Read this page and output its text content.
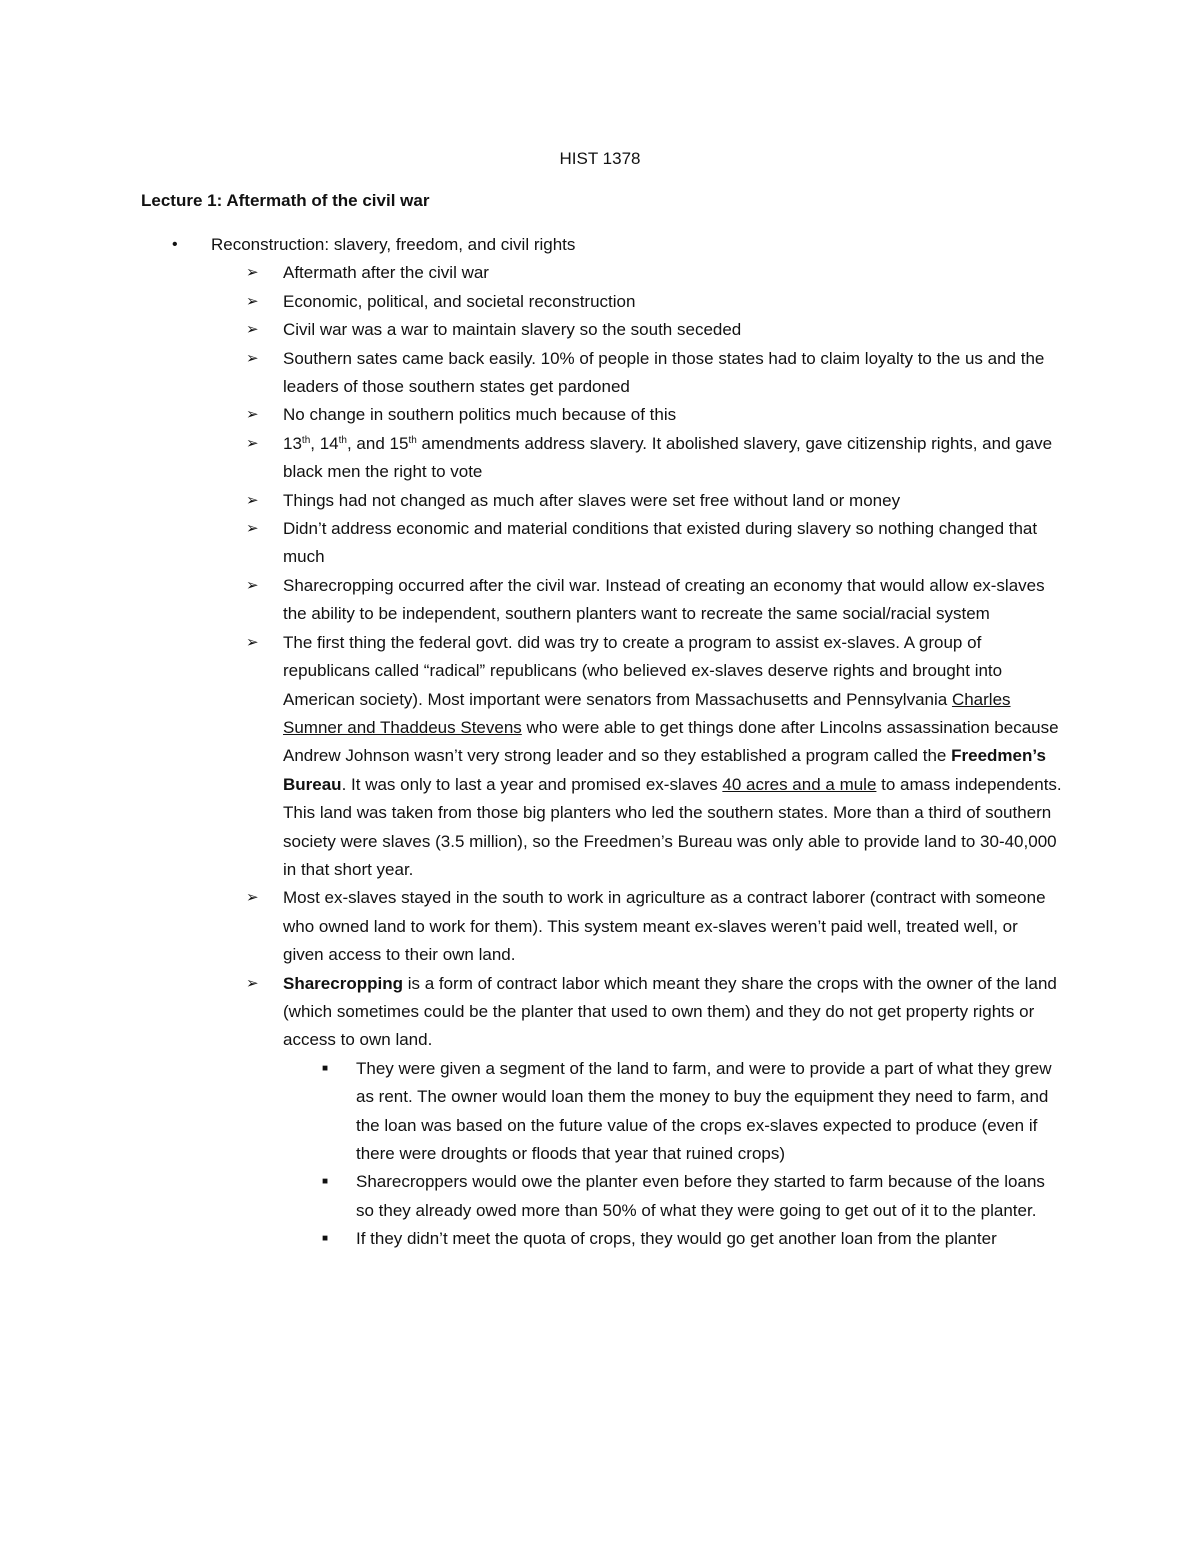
HIST 1378
Lecture 1: Aftermath of the civil war
• Reconstruction: slavery, freedom, and civil rights
➢ Aftermath after the civil war
➢ Economic, political, and societal reconstruction
➢ Civil war was a war to maintain slavery so the south seceded
➢ Southern sates came back easily. 10% of people in those states had to claim loyalty to the us and the leaders of those southern states get pardoned
➢ No change in southern politics much because of this
➢ 13th, 14th, and 15th amendments address slavery. It abolished slavery, gave citizenship rights, and gave black men the right to vote
➢ Things had not changed as much after slaves were set free without land or money
➢ Didn’t address economic and material conditions that existed during slavery so nothing changed that much
➢ Sharecropping occurred after the civil war. Instead of creating an economy that would allow ex-slaves the ability to be independent, southern planters want to recreate the same social/racial system
➢ The first thing the federal govt. did was try to create a program to assist ex-slaves. A group of republicans called “radical” republicans (who believed ex-slaves deserve rights and brought into American society). Most important were senators from Massachusetts and Pennsylvania Charles Sumner and Thaddeus Stevens who were able to get things done after Lincolns assassination because Andrew Johnson wasn’t very strong leader and so they established a program called the Freedmen’s Bureau. It was only to last a year and promised ex-slaves 40 acres and a mule to amass independents. This land was taken from those big planters who led the southern states. More than a third of southern society were slaves (3.5 million), so the Freedmen’s Bureau was only able to provide land to 30-40,000 in that short year.
➢ Most ex-slaves stayed in the south to work in agriculture as a contract laborer (contract with someone who owned land to work for them). This system meant ex-slaves weren’t paid well, treated well, or given access to their own land.
➢ Sharecropping is a form of contract labor which meant they share the crops with the owner of the land (which sometimes could be the planter that used to own them) and they do not get property rights or access to own land.
■ They were given a segment of the land to farm, and were to provide a part of what they grew as rent. The owner would loan them the money to buy the equipment they need to farm, and the loan was based on the future value of the crops ex-slaves expected to produce (even if there were droughts or floods that year that ruined crops)
■ Sharecroppers would owe the planter even before they started to farm because of the loans so they already owed more than 50% of what they were going to get out of it to the planter.
■ If they didn’t meet the quota of crops, they would go get another loan from the planter
